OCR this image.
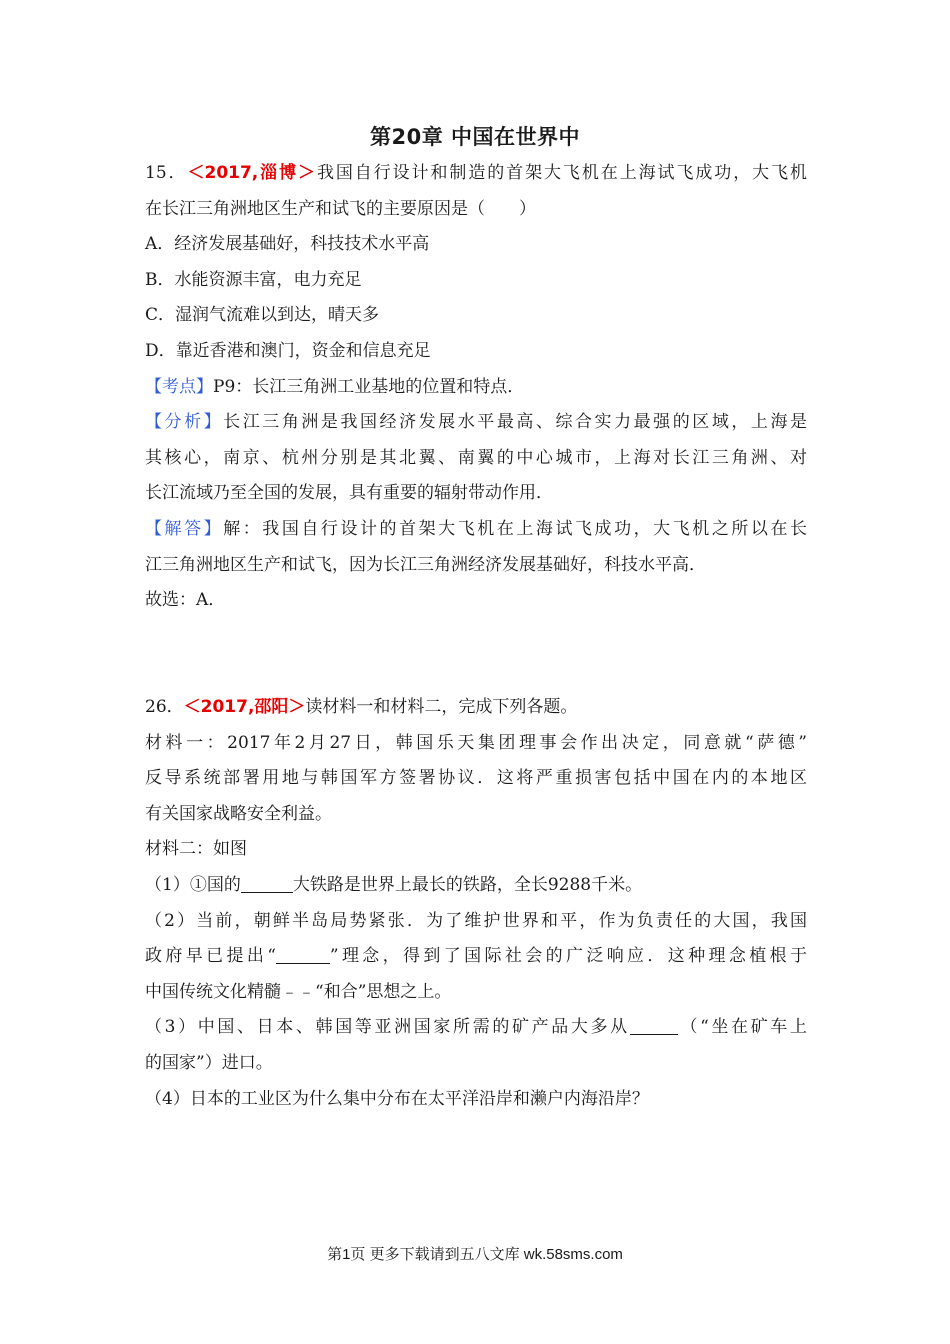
第20章 中国在世界中
15．＜2017,淄博＞我国自行设计和制造的首架大飞机在上海试飞成功，大飞机
在长江三角洲地区生产和试飞的主要原因是（　　）
A．经济发展基础好，科技技术水平高
B．水能资源丰富，电力充足
C．湿润气流难以到达，晴天多
D．靠近香港和澳门，资金和信息充足
【考点】P9：长江三角洲工业基地的位置和特点．
【分析】长江三角洲是我国经济发展水平最高、综合实力最强的区域，上海是
其核心，南京、杭州分别是其北翼、南翼的中心城市，上海对长江三角洲、对
长江流域乃至全国的发展，具有重要的辐射带动作用．
【解答】解：我国自行设计的首架大飞机在上海试飞成功，大飞机之所以在长
江三角洲地区生产和试飞，因为长江三角洲经济发展基础好，科技水平高．
故选：A．
26．＜2017,邵阳＞读材料一和材料二，完成下列各题。
材料一：2017年2月27日，韩国乐天集团理事会作出决定，同意就“萨德”
反导系统部署用地与韩国军方签署协议．这将严重损害包括中国在内的本地区
有关国家战略安全利益。
材料二：如图
（1）①国的	大铁路是世界上最长的铁路，全长9288千米。
（2）当前，朝鲜半岛局势紧张．为了维护世界和平，作为负责任的大国，我国
政府早已提出“	”理念，得到了国际社会的广泛响应．这种理念植根于
中国传统文化精髓﹣﹣“和合”思想之上。
（3）中国、日本、韩国等亚洲国家所需的矿产品大多从	（“坐在矿车上
的国家”）进口。
（4）日本的工业区为什么集中分布在太平洋沿岸和濑户内海沿岸？
第1页 更多下载请到五八文库 wk.58sms.com
